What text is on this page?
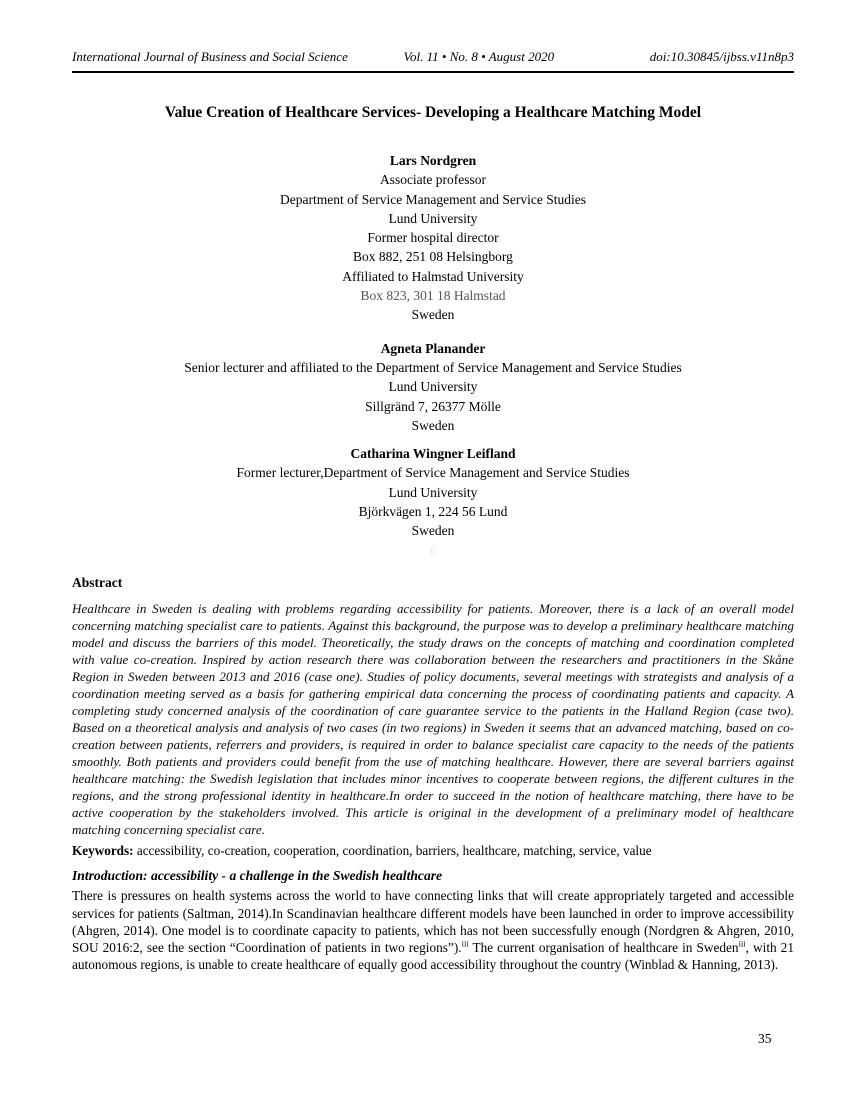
International Journal of Business and Social Science	Vol. 11 • No. 8 • August 2020	doi:10.30845/ijbss.v11n8p3
Value Creation of Healthcare Services- Developing a Healthcare Matching Model
Lars Nordgren
Associate professor
Department of Service Management and Service Studies
Lund University
Former hospital director
Box 882, 251 08 Helsingborg
Affiliated to Halmstad University
Box 823, 301 18 Halmstad
Sweden
Agneta Planander
Senior lecturer and affiliated to the Department of Service Management and Service Studies
Lund University
Sillgränd 7, 26377 Mölle
Sweden
Catharina Wingner Leifland
Former lecturer,Department of Service Management and Service Studies
Lund University
Björkvägen 1, 224 56 Lund
Sweden
6
Abstract

Healthcare in Sweden is dealing with problems regarding accessibility for patients. Moreover, there is a lack of an overall model concerning matching specialist care to patients. Against this background, the purpose was to develop a preliminary healthcare matching model and discuss the barriers of this model. Theoretically, the study draws on the concepts of matching and coordination completed with value co-creation. Inspired by action research there was collaboration between the researchers and practitioners in the Skåne Region in Sweden between 2013 and 2016 (case one). Studies of policy documents, several meetings with strategists and analysis of a coordination meeting served as a basis for gathering empirical data concerning the process of coordinating patients and capacity. A completing study concerned analysis of the coordination of care guarantee service to the patients in the Halland Region (case two). Based on a theoretical analysis and analysis of two cases (in two regions) in Sweden it seems that an advanced matching, based on co-creation between patients, referrers and providers, is required in order to balance specialist care capacity to the needs of the patients smoothly. Both patients and providers could benefit from the use of matching healthcare. However, there are several barriers against healthcare matching: the Swedish legislation that includes minor incentives to cooperate between regions, the different cultures in the regions, and the strong professional identity in healthcare.In order to succeed in the notion of healthcare matching, there have to be active cooperation by the stakeholders involved. This article is original in the development of a preliminary model of healthcare matching concerning specialist care.

Keywords: accessibility, co-creation, cooperation, coordination, barriers, healthcare, matching, service, value

Introduction: accessibility - a challenge in the Swedish healthcare

There is pressures on health systems across the world to have connecting links that will create appropriately targeted and accessible services for patients (Saltman, 2014).In Scandinavian healthcare different models have been launched in order to improve accessibility (Ahgren, 2014). One model is to coordinate capacity to patients, which has not been successfully enough (Nordgren & Ahgren, 2010, SOU 2016:2, see the section “Coordination of patients in two regions”).$^{iii}$ The current organisation of healthcare in Sweden$^{iii}$, with 21 autonomous regions, is unable to create healthcare of equally good accessibility throughout the country (Winblad & Hanning, 2013).

35
